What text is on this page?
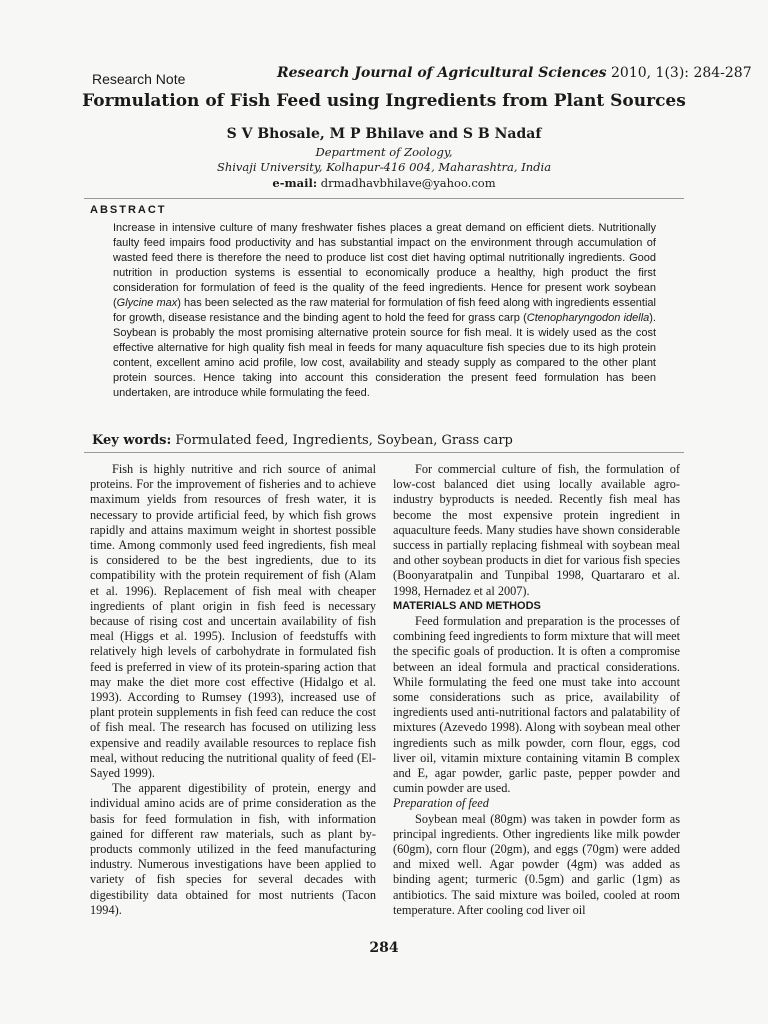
Research Note	Research Journal of Agricultural Sciences 2010, 1(3): 284-287
Formulation of Fish Feed using Ingredients from Plant Sources
S V Bhosale, M P Bhilave and S B Nadaf
Department of Zoology,
Shivaji University, Kolhapur-416 004, Maharashtra, India
e-mail: drmadhavbhilave@yahoo.com
ABSTRACT
Increase in intensive culture of many freshwater fishes places a great demand on efficient diets. Nutritionally faulty feed impairs food productivity and has substantial impact on the environment through accumulation of wasted feed there is therefore the need to produce list cost diet having optimal nutritionally ingredients. Good nutrition in production systems is essential to economically produce a healthy, high product the first consideration for formulation of feed is the quality of the feed ingredients. Hence for present work soybean (Glycine max) has been selected as the raw material for formulation of fish feed along with ingredients essential for growth, disease resistance and the binding agent to hold the feed for grass carp (Ctenopharyngodon idella). Soybean is probably the most promising alternative protein source for fish meal. It is widely used as the cost effective alternative for high quality fish meal in feeds for many aquaculture fish species due to its high protein content, excellent amino acid profile, low cost, availability and steady supply as compared to the other plant protein sources. Hence taking into account this consideration the present feed formulation has been undertaken, are introduce while formulating the feed.
Key words: Formulated feed, Ingredients, Soybean, Grass carp

Fish is highly nutritive and rich source of animal proteins. For the improvement of fisheries and to achieve maximum yields from resources of fresh water, it is necessary to provide artificial feed, by which fish grows rapidly and attains maximum weight in shortest possible time. Among commonly used feed ingredients, fish meal is considered to be the best ingredients, due to its compatibility with the protein requirement of fish (Alam et al. 1996). Replacement of fish meal with cheaper ingredients of plant origin in fish feed is necessary because of rising cost and uncertain availability of fish meal (Higgs et al. 1995). Inclusion of feedstuffs with relatively high levels of carbohydrate in formulated fish feed is preferred in view of its protein-sparing action that may make the diet more cost effective (Hidalgo et al. 1993). According to Rumsey (1993), increased use of plant protein supplements in fish feed can reduce the cost of fish meal. The research has focused on utilizing less expensive and readily available resources to replace fish meal, without reducing the nutritional quality of feed (El-Sayed 1999).

The apparent digestibility of protein, energy and individual amino acids are of prime consideration as the basis for feed formulation in fish, with information gained for different raw materials, such as plant by-products commonly utilized in the feed manufacturing industry. Numerous investigations have been applied to variety of fish species for several decades with digestibility data obtained for most nutrients (Tacon 1994).

For commercial culture of fish, the formulation of low-cost balanced diet using locally available agro-industry byproducts is needed. Recently fish meal has become the most expensive protein ingredient in aquaculture feeds. Many studies have shown considerable success in partially replacing fishmeal with soybean meal and other soybean products in diet for various fish species (Boonyaratpalin and Tunpibal 1998, Quartararo et al. 1998, Hernadez et al 2007).

MATERIALS AND METHODS

Feed formulation and preparation is the processes of combining feed ingredients to form mixture that will meet the specific goals of production. It is often a compromise between an ideal formula and practical considerations. While formulating the feed one must take into account some considerations such as price, availability of ingredients used anti-nutritional factors and palatability of mixtures (Azevedo 1998). Along with soybean meal other ingredients such as milk powder, corn flour, eggs, cod liver oil, vitamin mixture containing vitamin B complex and E, agar powder, garlic paste, pepper powder and cumin powder are used.

Preparation of feed

Soybean meal (80gm) was taken in powder form as principal ingredients. Other ingredients like milk powder (60gm), corn flour (20gm), and eggs (70gm) were added and mixed well. Agar powder (4gm) was added as binding agent; turmeric (0.5gm) and garlic (1gm) as antibiotics. The said mixture was boiled, cooled at room temperature. After cooling cod liver oil

284
